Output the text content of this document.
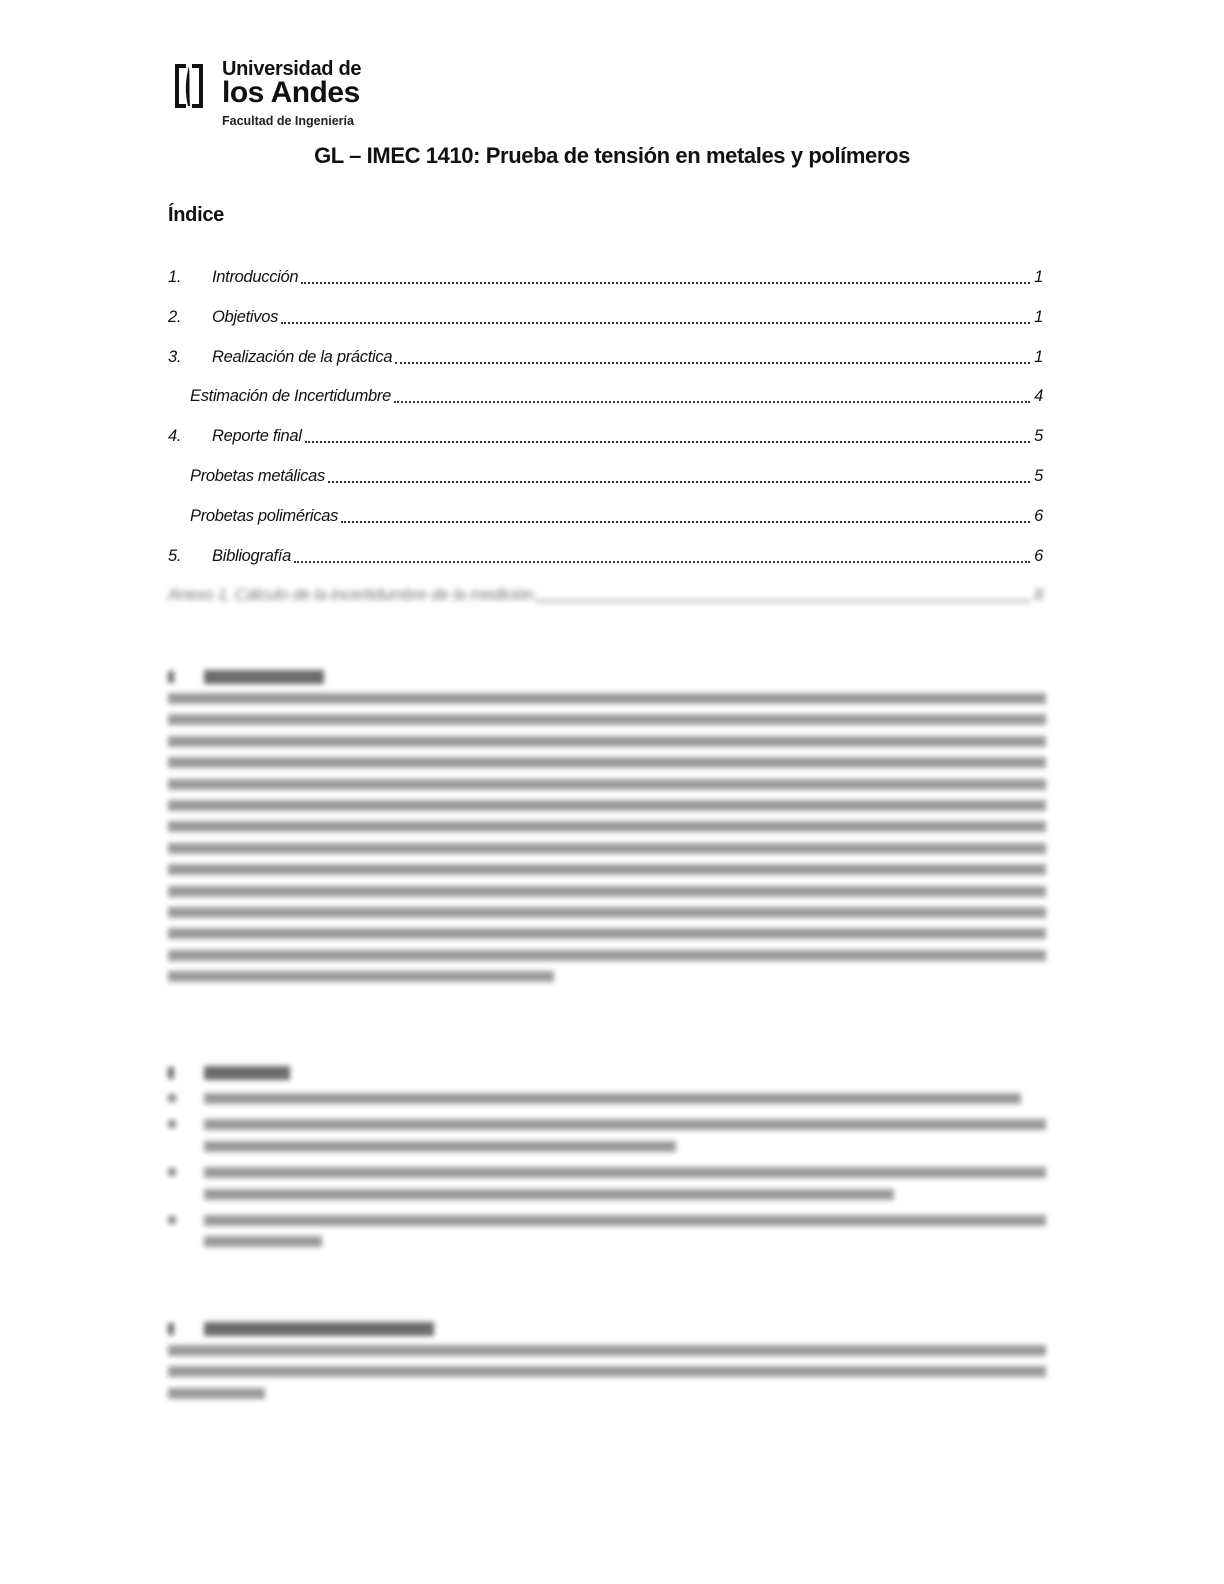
Universidad de
los Andes
Facultad de Ingeniería
GL – IMEC 1410: Prueba de tensión en metales y polímeros
Índice
1.	Introducción	1
2.	Objetivos	1
3.	Realización de la práctica	1
Estimación de Incertidumbre	4
4.	Reporte final	5
Probetas metálicas	5
Probetas poliméricas	6
5.	Bibliografía	6
Anexo 1. Cálculo de la incertidumbre de la medición	8
